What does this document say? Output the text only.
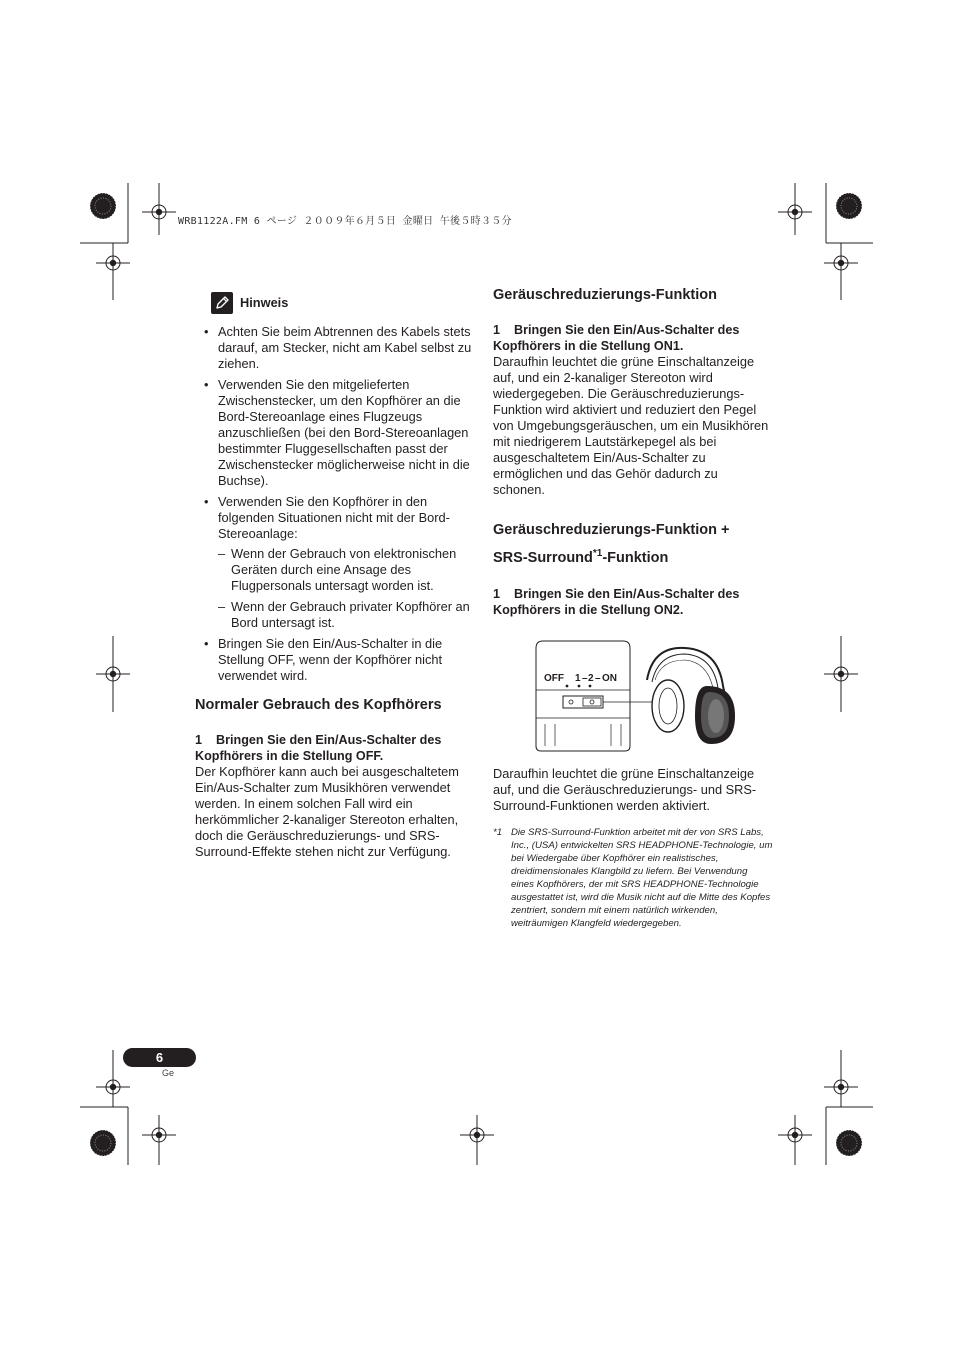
WRB1122A.FM 6 ページ ２００９年６月５日 金曜日 午後５時３５分
Hinweis
• Achten Sie beim Abtrennen des Kabels stets darauf, am Stecker, nicht am Kabel selbst zu ziehen.
• Verwenden Sie den mitgelieferten Zwischenstecker, um den Kopfhörer an die Bord-Stereoanlage eines Flugzeugs anzuschließen (bei den Bord-Stereoanlagen bestimmter Fluggesellschaften passt der Zwischenstecker möglicherweise nicht in die Buchse).
• Verwenden Sie den Kopfhörer in den folgenden Situationen nicht mit der Bord-Stereoanlage:
– Wenn der Gebrauch von elektronischen Geräten durch eine Ansage des Flugpersonals untersagt worden ist.
– Wenn der Gebrauch privater Kopfhörer an Bord untersagt ist.
• Bringen Sie den Ein/Aus-Schalter in die Stellung OFF, wenn der Kopfhörer nicht verwendet wird.
Normaler Gebrauch des Kopfhörers

1 Bringen Sie den Ein/Aus-Schalter des Kopfhörers in die Stellung OFF.

Der Kopfhörer kann auch bei ausgeschaltetem Ein/Aus-Schalter zum Musikhören verwendet werden. In einem solchen Fall wird ein herkömmlicher 2-kanaliger Stereoton erhalten, doch die Geräuschreduzierungs- und SRS-Surround-Effekte stehen nicht zur Verfügung.

Geräuschreduzierungs-Funktion

1 Bringen Sie den Ein/Aus-Schalter des Kopfhörers in die Stellung ON1.

Daraufhin leuchtet die grüne Einschaltanzeige auf, und ein 2-kanaliger Stereoton wird wiedergegeben. Die Geräuschreduzierungs-Funktion wird aktiviert und reduziert den Pegel von Umgebungsgeräuschen, um ein Musikhören mit niedrigerem Lautstärkepegel als bei ausgeschaltetem Ein/Aus-Schalter zu ermöglichen und das Gehör dadurch zu schonen.

Geräuschreduzierungs-Funktion +
SRS-Surround$^{*1}$-Funktion

1 Bringen Sie den Ein/Aus-Schalter des Kopfhörers in die Stellung ON2.

OFF 1 – 2 – ON

Daraufhin leuchtet die grüne Einschaltanzeige auf, und die Geräuschreduzierungs- und SRS-Surround-Funktionen werden aktiviert.

*1 Die SRS-Surround-Funktion arbeitet mit der von SRS Labs, Inc., (USA) entwickelten SRS HEADPHONE-Technologie, um bei Wiedergabe über Kopfhörer ein realistisches, dreidimensionales Klangbild zu liefern. Bei Verwendung eines Kopfhörers, der mit SRS HEADPHONE-Technologie ausgestattet ist, wird die Musik nicht auf die Mitte des Kopfes zentriert, sondern mit einem natürlich wirkenden, weiträumigen Klangfeld wiedergegeben.
6
Ge
